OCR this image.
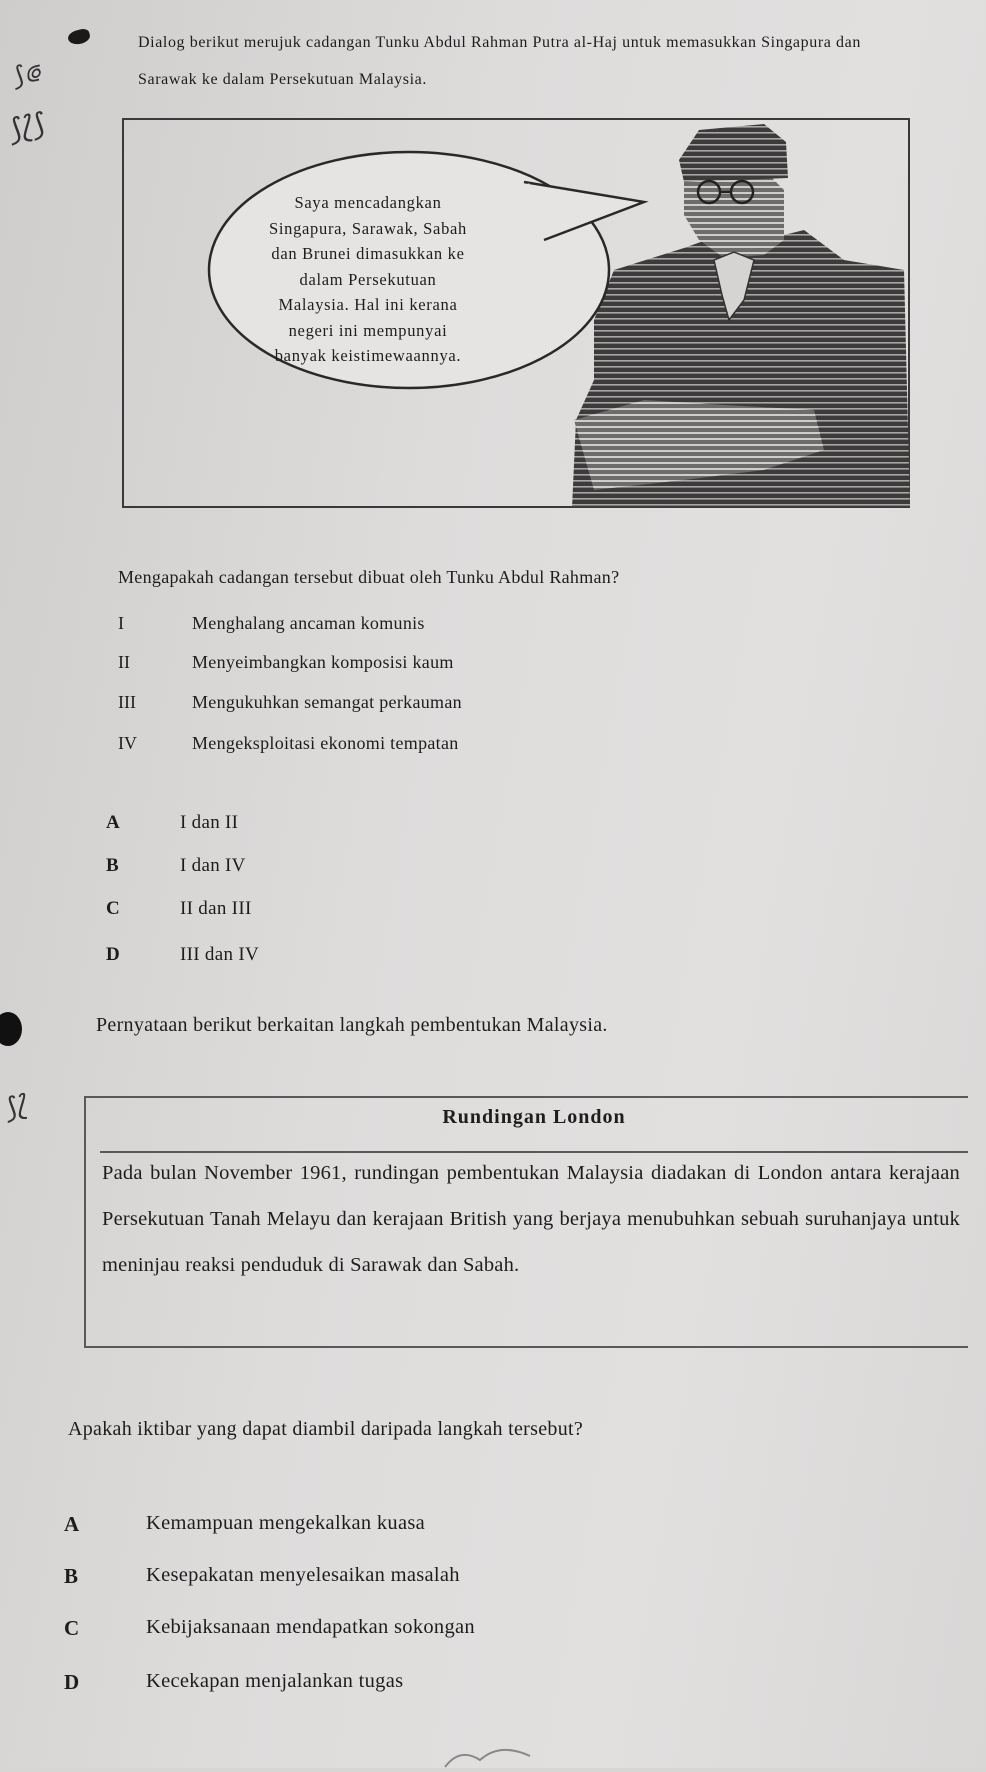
⟆⟃
⟆⟅⟆
Dialog berikut merujuk cadangan Tunku Abdul Rahman Putra al-Haj untuk memasukkan Singapura dan Sarawak ke dalam Persekutuan Malaysia.
Saya mencadangkan
Singapura, Sarawak, Sabah
dan Brunei dimasukkan ke
dalam Persekutuan
Malaysia. Hal ini kerana
negeri ini mempunyai
banyak keistimewaannya.
Mengapakah cadangan tersebut dibuat oleh Tunku Abdul Rahman?
I	Menghalang ancaman komunis
II	Menyeimbangkan komposisi kaum
III	Mengukuhkan semangat perkauman
IV	Mengeksploitasi ekonomi tempatan
A	I dan II
B	I dan IV
C	II dan III
D	III dan IV
⟆⟅
Pernyataan berikut berkaitan langkah pembentukan Malaysia.
Rundingan London
Pada bulan November 1961, rundingan pembentukan Malaysia diadakan di London antara kerajaan Persekutuan Tanah Melayu dan kerajaan British yang berjaya menubuhkan sebuah suruhanjaya untuk meninjau reaksi penduduk di Sarawak dan Sabah.
Apakah iktibar yang dapat diambil daripada langkah tersebut?
A	Kemampuan mengekalkan kuasa
B	Kesepakatan menyelesaikan masalah
C	Kebijaksanaan mendapatkan sokongan
D	Kecekapan menjalankan tugas
